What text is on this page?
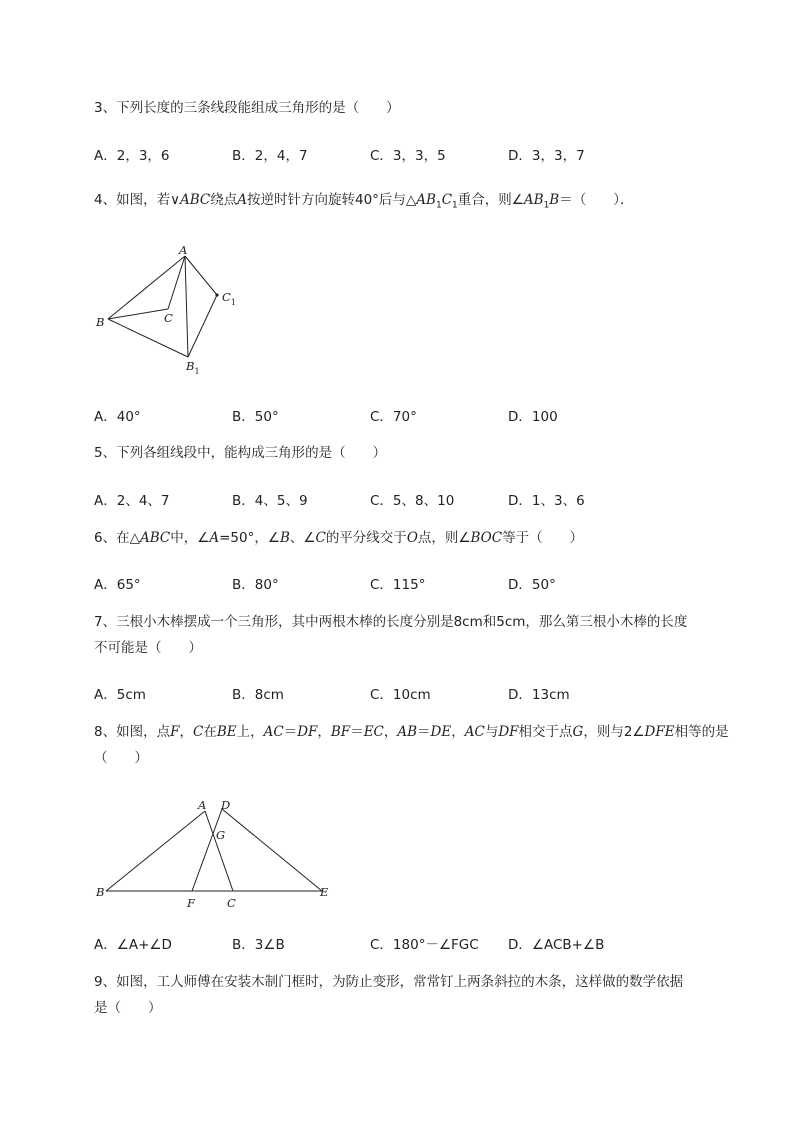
3、下列长度的三条线段能组成三角形的是（　　）
A．2，3，6	B．2，4，7	C．3，3，5	D．3，3，7
4、如图，若∨ABC绕点A按逆时针方向旋转40°后与$\triangle AB_1C_1$重合，则$\angle AB_1B=$（　　）．
A
B	C
$C_1$
$B_1$
A．40°	B．50°	C．70°	D．100
5、下列各组线段中，能构成三角形的是（　　）
A．2、4、7	B．4、5、9	C．5、8、10	D．1、3、6
6、在△ABC中，∠A=50°，∠B、∠C的平分线交于O点，则∠BOC等于（　　）
A．65°	B．80°	C．115°	D．50°
7、三根小木棒摆成一个三角形，其中两根木棒的长度分别是8cm和5cm，那么第三根小木棒的长度
不可能是（　　）
A．5cm	B．8cm	C．10cm	D．13cm
8、如图，点F，C在BE上，AC＝DF，BF＝EC，AB＝DE，AC与DF相交于点G，则与2∠DFE相等的是
（　　）
A D
G
B
F	C
E
A．∠A+∠D	B．3∠B	C．180°－∠FGC D．∠ACB+∠B
9、如图，工人师傅在安装木制门框时，为防止变形，常常钉上两条斜拉的木条，这样做的数学依据
是（　　）
